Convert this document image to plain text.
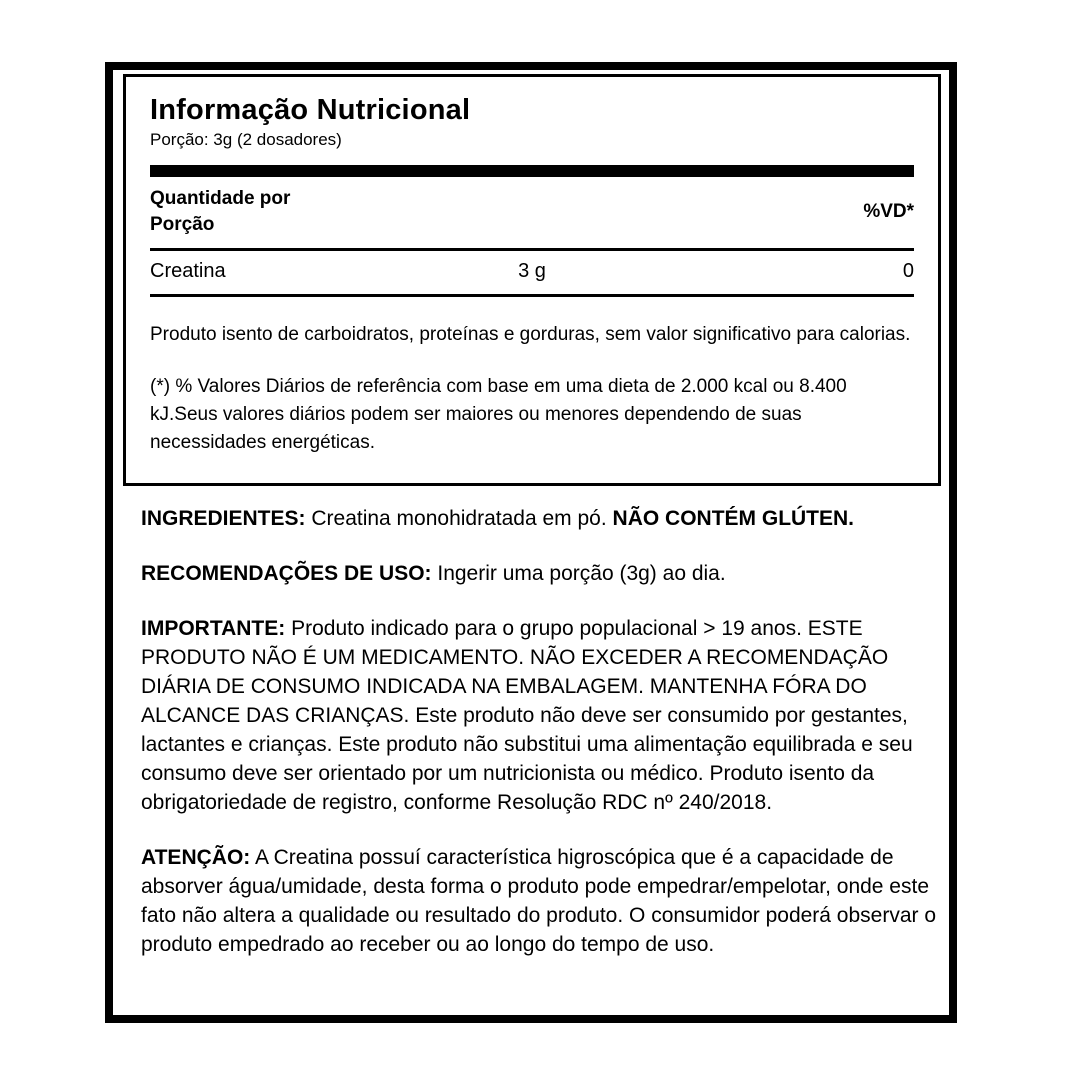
Informação Nutricional
Porção: 3g (2 dosadores)
Quantidade por
Porção
%VD*
Creatina	3 g	0

Produto isento de carboidratos, proteínas e gorduras, sem valor significativo para calorias.

(*) % Valores Diários de referência com base em uma dieta de 2.000 kcal ou 8.400 kJ.Seus valores diários podem ser maiores ou menores dependendo de suas necessidades energéticas.

INGREDIENTES: Creatina monohidratada em pó. NÃO CONTÉM GLÚTEN.

RECOMENDAÇÕES DE USO: Ingerir uma porção (3g) ao dia.

IMPORTANTE: Produto indicado para o grupo populacional > 19 anos. ESTE PRODUTO NÃO É UM MEDICAMENTO. NÃO EXCEDER A RECOMENDAÇÃO DIÁRIA DE CONSUMO INDICADA NA EMBALAGEM. MANTENHA FÓRA DO ALCANCE DAS CRIANÇAS. Este produto não deve ser consumido por gestantes, lactantes e crianças. Este produto não substitui uma alimentação equilibrada e seu consumo deve ser orientado por um nutricionista ou médico. Produto isento da obrigatoriedade de registro, conforme Resolução RDC nº 240/2018.

ATENÇÃO: A Creatina possuí característica higroscópica que é a capacidade de absorver água/umidade, desta forma o produto pode empedrar/empelotar, onde este fato não altera a qualidade ou resultado do produto. O consumidor poderá observar o produto empedrado ao receber ou ao longo do tempo de uso.
